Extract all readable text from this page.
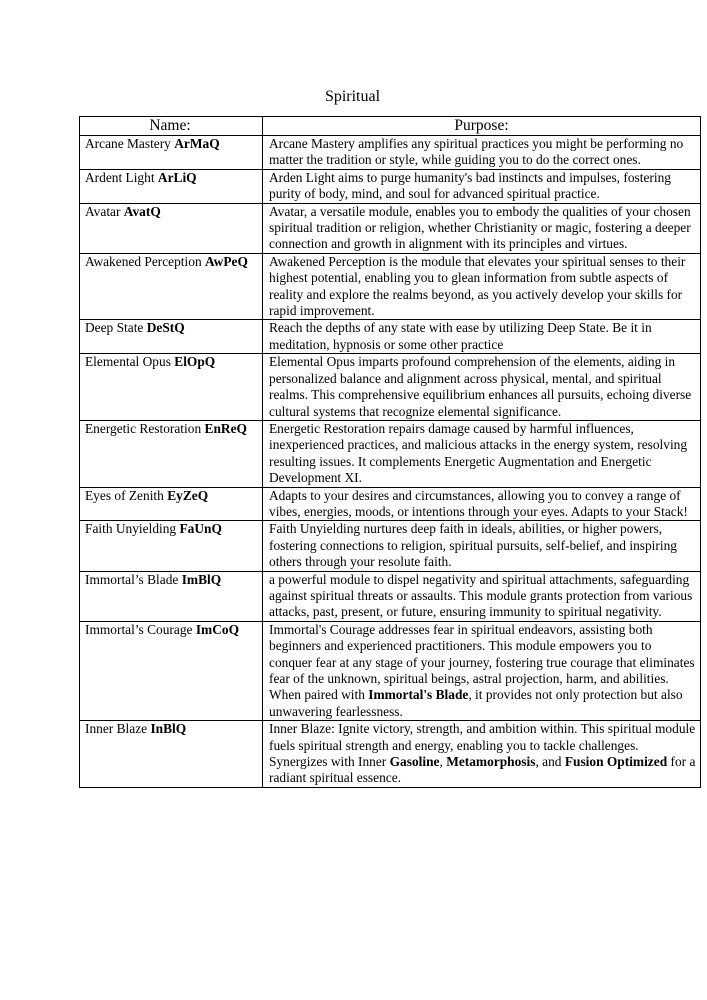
Spiritual
Name:	Purpose:
Arcane Mastery ArMaQ	Arcane Mastery amplifies any spiritual practices you might be performing no matter the tradition or style, while guiding you to do the correct ones.
Ardent Light ArLiQ	Arden Light aims to purge humanity's bad instincts and impulses, fostering purity of body, mind, and soul for advanced spiritual practice.
Avatar AvatQ	Avatar, a versatile module, enables you to embody the qualities of your chosen spiritual tradition or religion, whether Christianity or magic, fostering a deeper connection and growth in alignment with its principles and virtues.
Awakened Perception AwPeQ	Awakened Perception is the module that elevates your spiritual senses to their highest potential, enabling you to glean information from subtle aspects of reality and explore the realms beyond, as you actively develop your skills for rapid improvement.
Deep State DeStQ	Reach the depths of any state with ease by utilizing Deep State. Be it in meditation, hypnosis or some other practice
Elemental Opus ElOpQ	Elemental Opus imparts profound comprehension of the elements, aiding in personalized balance and alignment across physical, mental, and spiritual realms. This comprehensive equilibrium enhances all pursuits, echoing diverse cultural systems that recognize elemental significance.
Energetic Restoration EnReQ	Energetic Restoration repairs damage caused by harmful influences, inexperienced practices, and malicious attacks in the energy system, resolving resulting issues. It complements Energetic Augmentation and Energetic Development XI.
Eyes of Zenith EyZeQ	Adapts to your desires and circumstances, allowing you to convey a range of vibes, energies, moods, or intentions through your eyes. Adapts to your Stack!
Faith Unyielding FaUnQ	Faith Unyielding nurtures deep faith in ideals, abilities, or higher powers, fostering connections to religion, spiritual pursuits, self-belief, and inspiring others through your resolute faith.
Immortal’s Blade ImBlQ	a powerful module to dispel negativity and spiritual attachments, safeguarding against spiritual threats or assaults. This module grants protection from various attacks, past, present, or future, ensuring immunity to spiritual negativity.
Immortal’s Courage ImCoQ	Immortal's Courage addresses fear in spiritual endeavors, assisting both beginners and experienced practitioners. This module empowers you to conquer fear at any stage of your journey, fostering true courage that eliminates fear of the unknown, spiritual beings, astral projection, harm, and abilities. When paired with Immortal's Blade, it provides not only protection but also unwavering fearlessness.
Inner Blaze InBlQ	Inner Blaze: Ignite victory, strength, and ambition within. This spiritual module fuels spiritual strength and energy, enabling you to tackle challenges. Synergizes with Inner Gasoline, Metamorphosis, and Fusion Optimized for a radiant spiritual essence.
